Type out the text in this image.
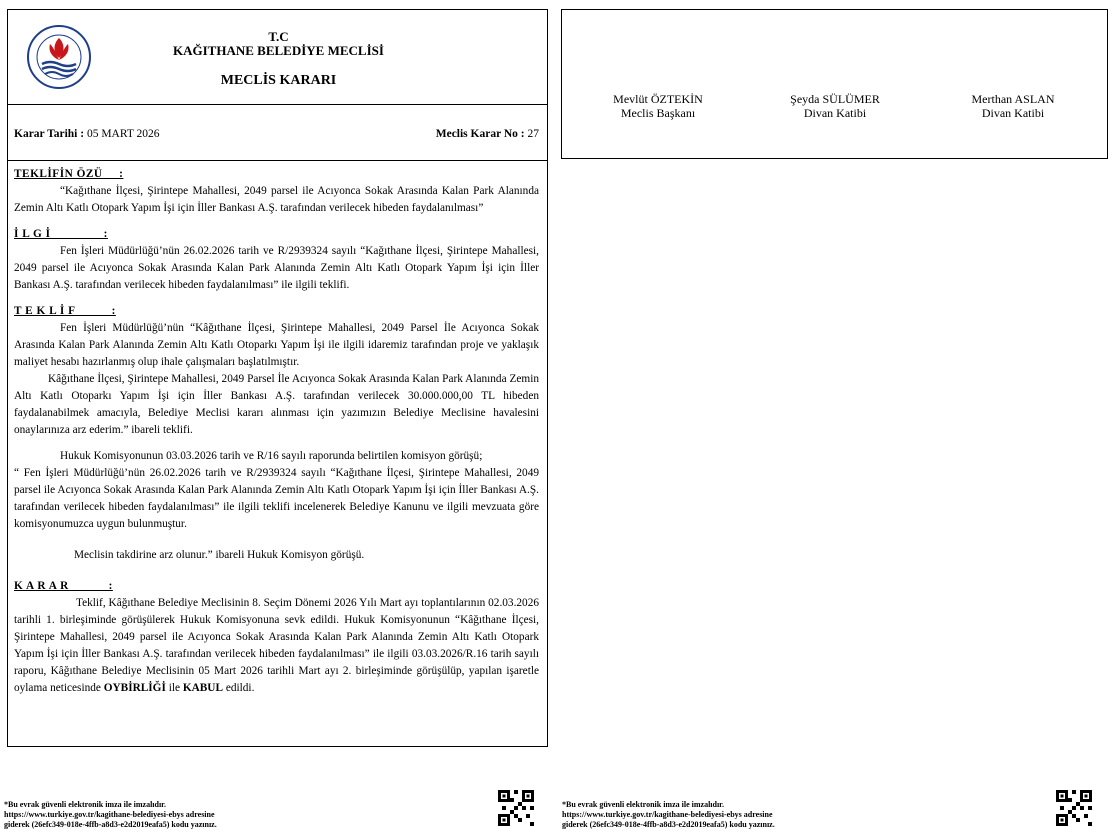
T.C
KAĞITHANE BELEDİYE MECLİSİ
MECLİS KARARI
Karar Tarihi : 05 MART 2026	Meclis Karar No : 27
TEKLİFİN ÖZÜ     :

“Kağıthane İlçesi, Şirintepe Mahallesi, 2049 parsel ile Acıyonca Sokak Arasında Kalan Park Alanında Zemin Altı Katlı Otopark Yapım İşi için İller Bankası A.Ş. tarafından verilecek hibeden faydalanılması”

İ L G İ                :

Fen İşleri Müdürlüğü’nün 26.02.2026 tarih ve R/2939324 sayılı “Kağıthane İlçesi, Şirintepe Mahallesi, 2049 parsel ile Acıyonca Sokak Arasında Kalan Park Alanında Zemin Altı Katlı Otopark Yapım İşi için İller Bankası A.Ş. tarafından verilecek hibeden faydalanılması” ile ilgili teklifi.

T E K L İ F           :

Fen İşleri Müdürlüğü’nün “Kâğıthane İlçesi, Şirintepe Mahallesi, 2049 Parsel İle Acıyonca Sokak Arasında Kalan Park Alanında Zemin Altı Katlı Otoparkı Yapım İşi ile ilgili idaremiz tarafından proje ve yaklaşık maliyet hesabı hazırlanmış olup ihale çalışmaları başlatılmıştır.

Kâğıthane İlçesi, Şirintepe Mahallesi, 2049 Parsel İle Acıyonca Sokak Arasında Kalan Park Alanında Zemin Altı Katlı Otoparkı Yapım İşi için İller Bankası A.Ş. tarafından verilecek 30.000.000,00 TL hibeden faydalanabilmek amacıyla, Belediye Meclisi kararı alınması için yazımızın Belediye Meclisine havalesini onaylarınıza arz ederim.” ibareli teklifi.

Hukuk Komisyonunun 03.03.2026 tarih ve R/16 sayılı raporunda belirtilen komisyon görüşü;

“ Fen İşleri Müdürlüğü’nün 26.02.2026 tarih ve R/2939324 sayılı “Kağıthane İlçesi, Şirintepe Mahallesi, 2049 parsel ile Acıyonca Sokak Arasında Kalan Park Alanında Zemin Altı Katlı Otopark Yapım İşi için İller Bankası A.Ş. tarafından verilecek hibeden faydalanılması” ile ilgili teklifi incelenerek Belediye Kanunu ve ilgili mevzuata göre komisyonumuzca uygun bulunmuştur.

Meclisin takdirine arz olunur.” ibareli Hukuk Komisyon görüşü.

K A R A R            :

Teklif, Kâğıthane Belediye Meclisinin 8. Seçim Dönemi 2026 Yılı Mart ayı toplantılarının 02.03.2026 tarihli 1. birleşiminde görüşülerek Hukuk Komisyonuna sevk edildi. Hukuk Komisyonunun “Kâğıthane İlçesi, Şirintepe Mahallesi, 2049 parsel ile Acıyonca Sokak Arasında Kalan Park Alanında Zemin Altı Katlı Otopark Yapım İşi için İller Bankası A.Ş. tarafından verilecek hibeden faydalanılması” ile ilgili 03.03.2026/R.16 tarih sayılı raporu, Kâğıthane Belediye Meclisinin 05 Mart 2026 tarihli Mart ayı 2. birleşiminde görüşülüp, yapılan işaretle oylama neticesinde OYBİRLİĞİ ile KABUL edildi.

Mevlüt ÖZTEKİN
Meclis Başkanı
Şeyda SÜLÜMER
Divan Katibi
Merthan ASLAN
Divan Katibi
*Bu evrak güvenli elektronik imza ile imzalıdır.
https://www.turkiye.gov.tr/kagithane-belediyesi-ebys adresine
giderek (26efc349-018e-4ffb-a8d3-e2d2019eafa5) kodu yazınız.
*Bu evrak güvenli elektronik imza ile imzalıdır.
https://www.turkiye.gov.tr/kagithane-belediyesi-ebys adresine
giderek (26efc349-018e-4ffb-a8d3-e2d2019eafa5) kodu yazınız.
